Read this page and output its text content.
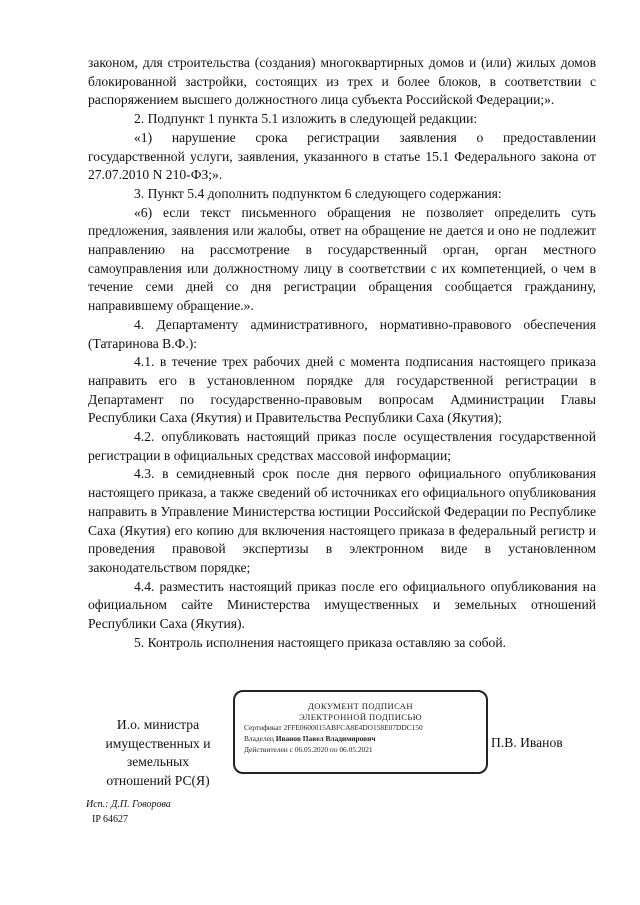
законом, для строительства (создания) многоквартирных домов и (или) жилых домов блокированной застройки, состоящих из трех и более блоков, в соответствии с распоряжением высшего должностного лица субъекта Российской Федерации;».

2. Подпункт 1 пункта 5.1 изложить в следующей редакции:

«1) нарушение срока регистрации заявления о предоставлении государственной услуги, заявления, указанного в статье 15.1 Федерального закона от 27.07.2010 N 210-ФЗ;».

3. Пункт 5.4 дополнить подпунктом 6 следующего содержания:

«6) если текст письменного обращения не позволяет определить суть предложения, заявления или жалобы, ответ на обращение не дается и оно не подлежит направлению на рассмотрение в государственный орган, орган местного самоуправления или должностному лицу в соответствии с их компетенцией, о чем в течение семи дней со дня регистрации обращения сообщается гражданину, направившему обращение.».

4. Департаменту административного, нормативно-правового обеспечения (Татаринова В.Ф.):

4.1. в течение трех рабочих дней с момента подписания настоящего приказа направить его в установленном порядке для государственной регистрации в Департамент по государственно-правовым вопросам Администрации Главы Республики Саха (Якутия) и Правительства Республики Саха (Якутия);

4.2. опубликовать настоящий приказ после осуществления государственной регистрации в официальных средствах массовой информации;

4.3. в семидневный срок после дня первого официального опубликования настоящего приказа, а также сведений об источниках его официального опубликования направить в Управление Министерства юстиции Российской Федерации по Республике Саха (Якутия) его копию для включения настоящего приказа в федеральный регистр и проведения правовой экспертизы в электронном виде в установленном законодательством порядке;

4.4. разместить настоящий приказ после его официального опубликования на официальном сайте Министерства имущественных и земельных отношений Республики Саха (Якутия).

5. Контроль исполнения настоящего приказа оставляю за собой.

И.о. министра
имущественных и
земельных
отношений РС(Я)
ДОКУМЕНТ ПОДПИСАН
ЭЛЕКТРОННОЙ ПОДПИСЬЮ
Сертификат 2FFE0600015ABFCA8E4DO158E07DDC150
Владелец Иванов Павел Владимирович
Действителен с 06.05.2020 по 06.05.2021	П.В. Иванов
Исп.: Д.П. Говорова
IP 64627
